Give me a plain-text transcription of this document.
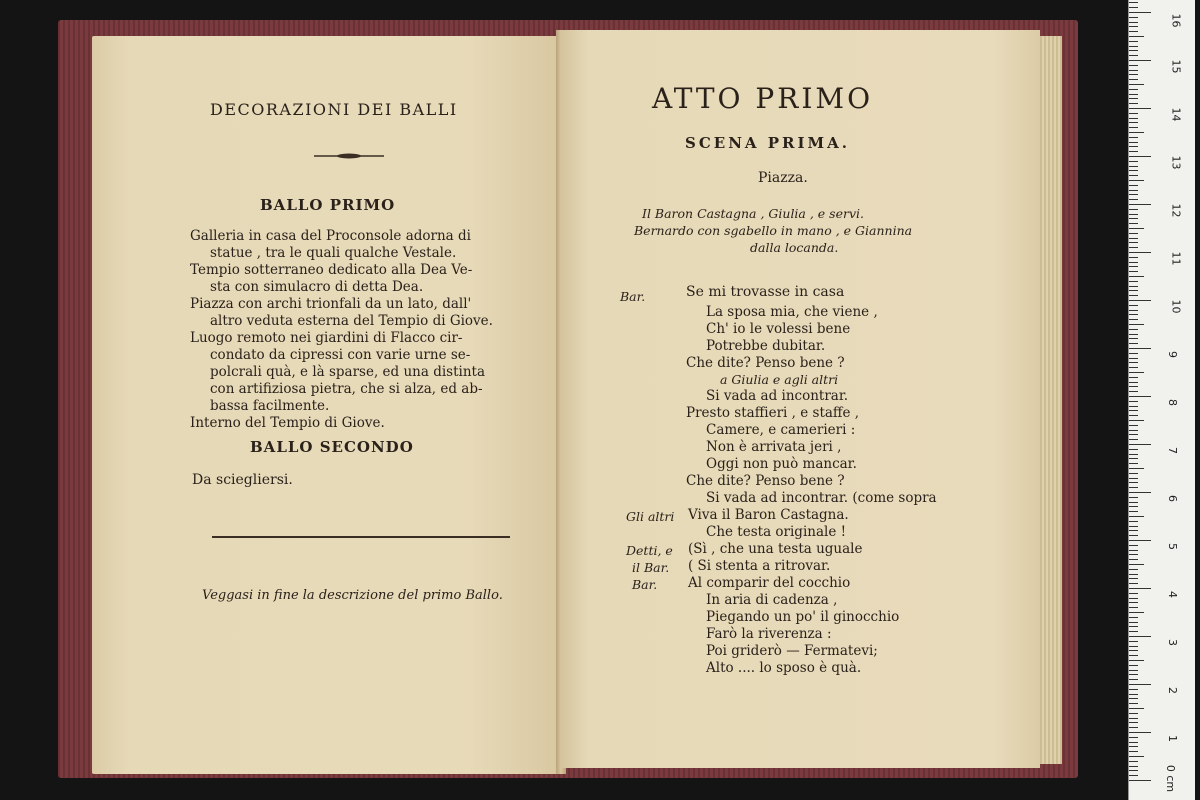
DECORAZIONI DEI BALLI
BALLO PRIMO
Galleria in casa del Proconsole adorna di
statue , tra le quali qualche Vestale.
Tempio sotterraneo dedicato alla Dea Ve-
sta con simulacro di detta Dea.
Piazza con archi trionfali da un lato, dall'
altro veduta esterna del Tempio di Giove.
Luogo remoto nei giardini di Flacco cir-
condato da cipressi con varie urne se-
polcrali quà, e là sparse, ed una distinta
con artifiziosa pietra, che si alza, ed ab-
bassa facilmente.
Interno del Tempio di Giove.
BALLO SECONDO
Da sciegliersi.
Veggasi in fine la descrizione del primo Ballo.
ATTO PRIMO
SCENA PRIMA.
Piazza.
Il Baron Castagna , Giulia , e servi.
Bernardo con sgabello in mano , e Giannina
dalla locanda.
Bar.	Se mi trovasse in casa
La sposa mia, che viene ,
Ch' io le volessi bene
Potrebbe dubitar.
Che dite? Penso bene ?
a Giulia e agli altri
Si vada ad incontrar.
Presto staffieri , e staffe ,
Camere, e camerieri :
Non è arrivata jeri ,
Oggi non può mancar.
Che dite? Penso bene ?
Si vada ad incontrar. (come sopra
Gli altri Viva il Baron Castagna.
Che testa originale !
Detti, e (Sì , che una testa uguale
il Bar. ( Si stenta a ritrovar.
Bar. Al comparir del cocchio
In aria di cadenza ,
Piegando un po' il ginocchio
Farò la riverenza :
Poi griderò — Fermatevi;
Alto .... lo sposo è quà.
0 cm
1
2
3
4
5
6
7
8
9
10
11
12
13
14
15
16
